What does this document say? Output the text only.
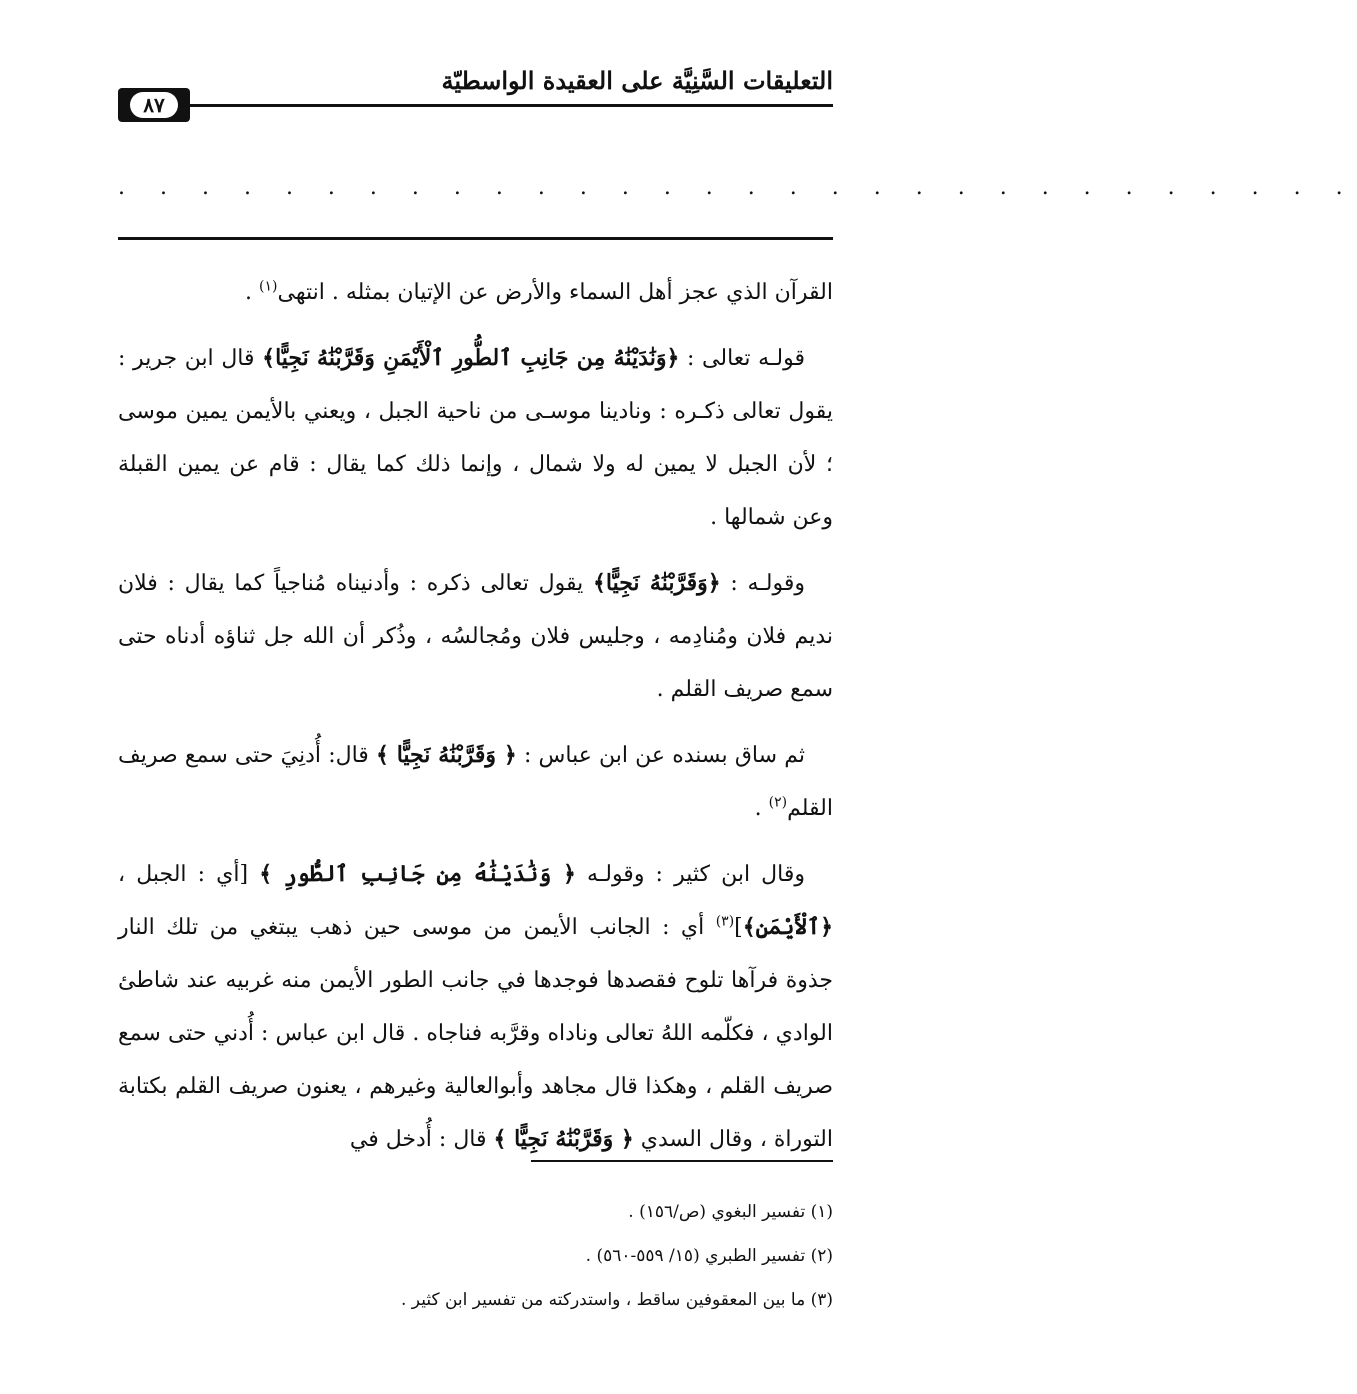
التعليقات السَّنِيَّة على العقيدة الواسطيّة
٨٧
. . . . . . . . . . . . . . . . . . . . . . . . . . . . . .

القرآن الذي عجز أهل السماء والأرض عن الإتيان بمثله . انتهى$^{(١)}$ .

قولـه تعالى : ﴿وَنَٰدَيْنَٰهُ مِن جَانِبِ ٱلطُّورِ ٱلْأَيْمَنِ وَقَرَّبْنَٰهُ نَجِيًّا﴾ قال ابن جرير : يقول تعالى ذكـره : ونادينا موسـى من ناحية الجبل ، ويعني بالأيمن يمين موسى ؛ لأن الجبل لا يمين له ولا شمال ، وإنما ذلك كما يقال : قام عن يمين القبلة وعن شمالها .

وقولـه : ﴿وَقَرَّبْنَٰهُ نَجِيًّا﴾ يقول تعالى ذكره : وأدنيناه مُناجياً كما يقال : فلان نديم فلان ومُنادِمه ، وجليس فلان ومُجالسُه ، وذُكر أن الله جل ثناؤه أدناه حتى سمع صريف القلم .

ثم ساق بسنده عن ابن عباس : ﴿ وَقَرَّبْنَٰهُ نَجِيًّا ﴾ قال: أُدنِيَ حتى سمع صريف القلم$^{(٢)}$ .

وقال ابن كثير : وقولـه ﴿ وَنَٰدَيْنَٰهُ مِن جَانِبِ ٱلطُّورِ ﴾ [أي : الجبل ، ﴿ٱلْأَيْمَنِ﴾]$^{(٣)}$ أي : الجانب الأيمن من موسى حين ذهب يبتغي من تلك النار جذوة فرآها تلوح فقصدها فوجدها في جانب الطور الأيمن منه غربيه عند شاطئ الوادي ، فكلّمه اللهُ تعالى وناداه وقرَّبه فناجاه . قال ابن عباس : أُدني حتى سمع صريف القلم ، وهكذا قال مجاهد وأبوالعالية وغيرهم ، يعنون صريف القلم بكتابة التوراة ، وقال السدي ﴿ وَقَرَّبْنَٰهُ نَجِيًّا ﴾ قال : أُدخل في

(١) تفسير البغوي (ص/١٥٦) .
(٢) تفسير الطبري (١٥/ ٥٥٩-٥٦٠) .
(٣) ما بين المعقوفين ساقط ، واستدركته من تفسير ابن كثير .
